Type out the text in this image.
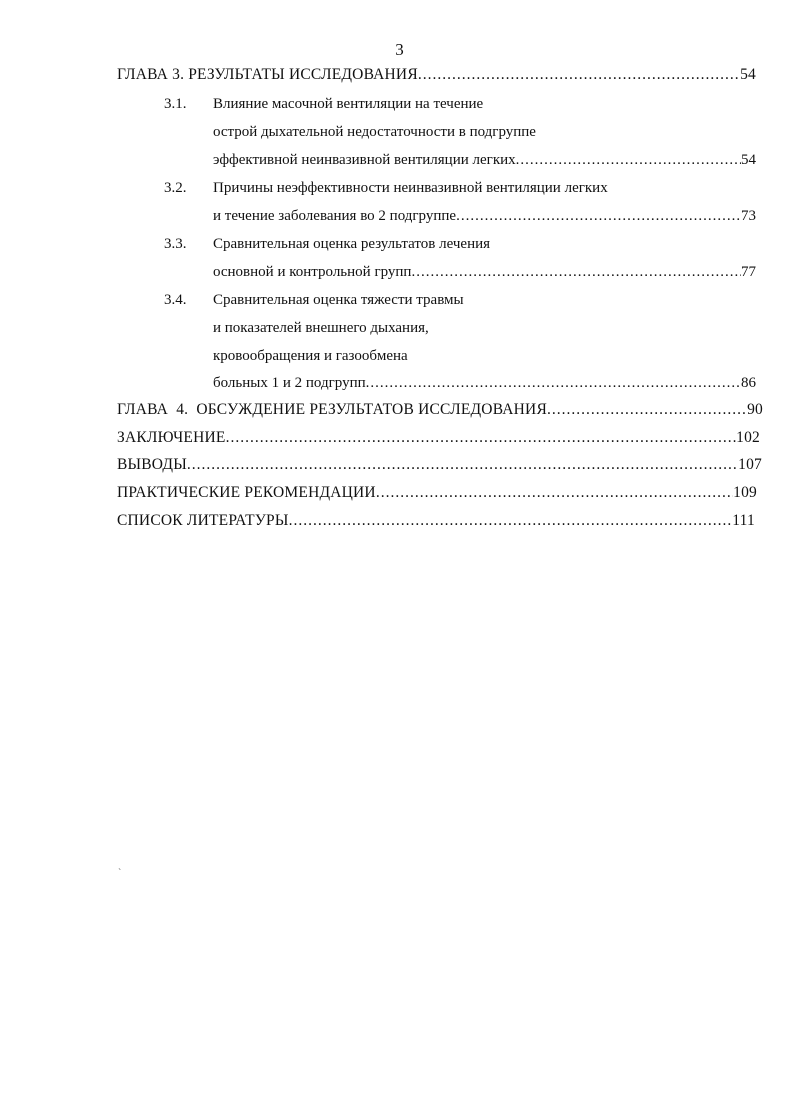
3
ГЛАВА 3. РЕЗУЛЬТАТЫ ИССЛЕДОВАНИЯ .....	54
3.1. Влияние масочной вентиляции на течение
острой дыхательной недостаточности в подгруппе
эффективной неинвазивной вентиляции легких .....	54
3.2. Причины неэффективности неинвазивной вентиляции легких
и течение заболевания во 2 подгруппе .....	73
3.3. Сравнительная оценка результатов лечения
основной и контрольной групп .....	77
3.4. Сравнительная оценка тяжести травмы
и показателей внешнего дыхания,
кровообращения и газообмена
больных 1 и 2 подгрупп .....	86
ГЛАВА  4.  ОБСУЖДЕНИЕ РЕЗУЛЬТАТОВ ИССЛЕДОВАНИЯ .....	90
ЗАКЛЮЧЕНИЕ .....	102
ВЫВОДЫ .....	107
ПРАКТИЧЕСКИЕ РЕКОМЕНДАЦИИ .....	109
СПИСОК ЛИТЕРАТУРЫ .....	111
`
